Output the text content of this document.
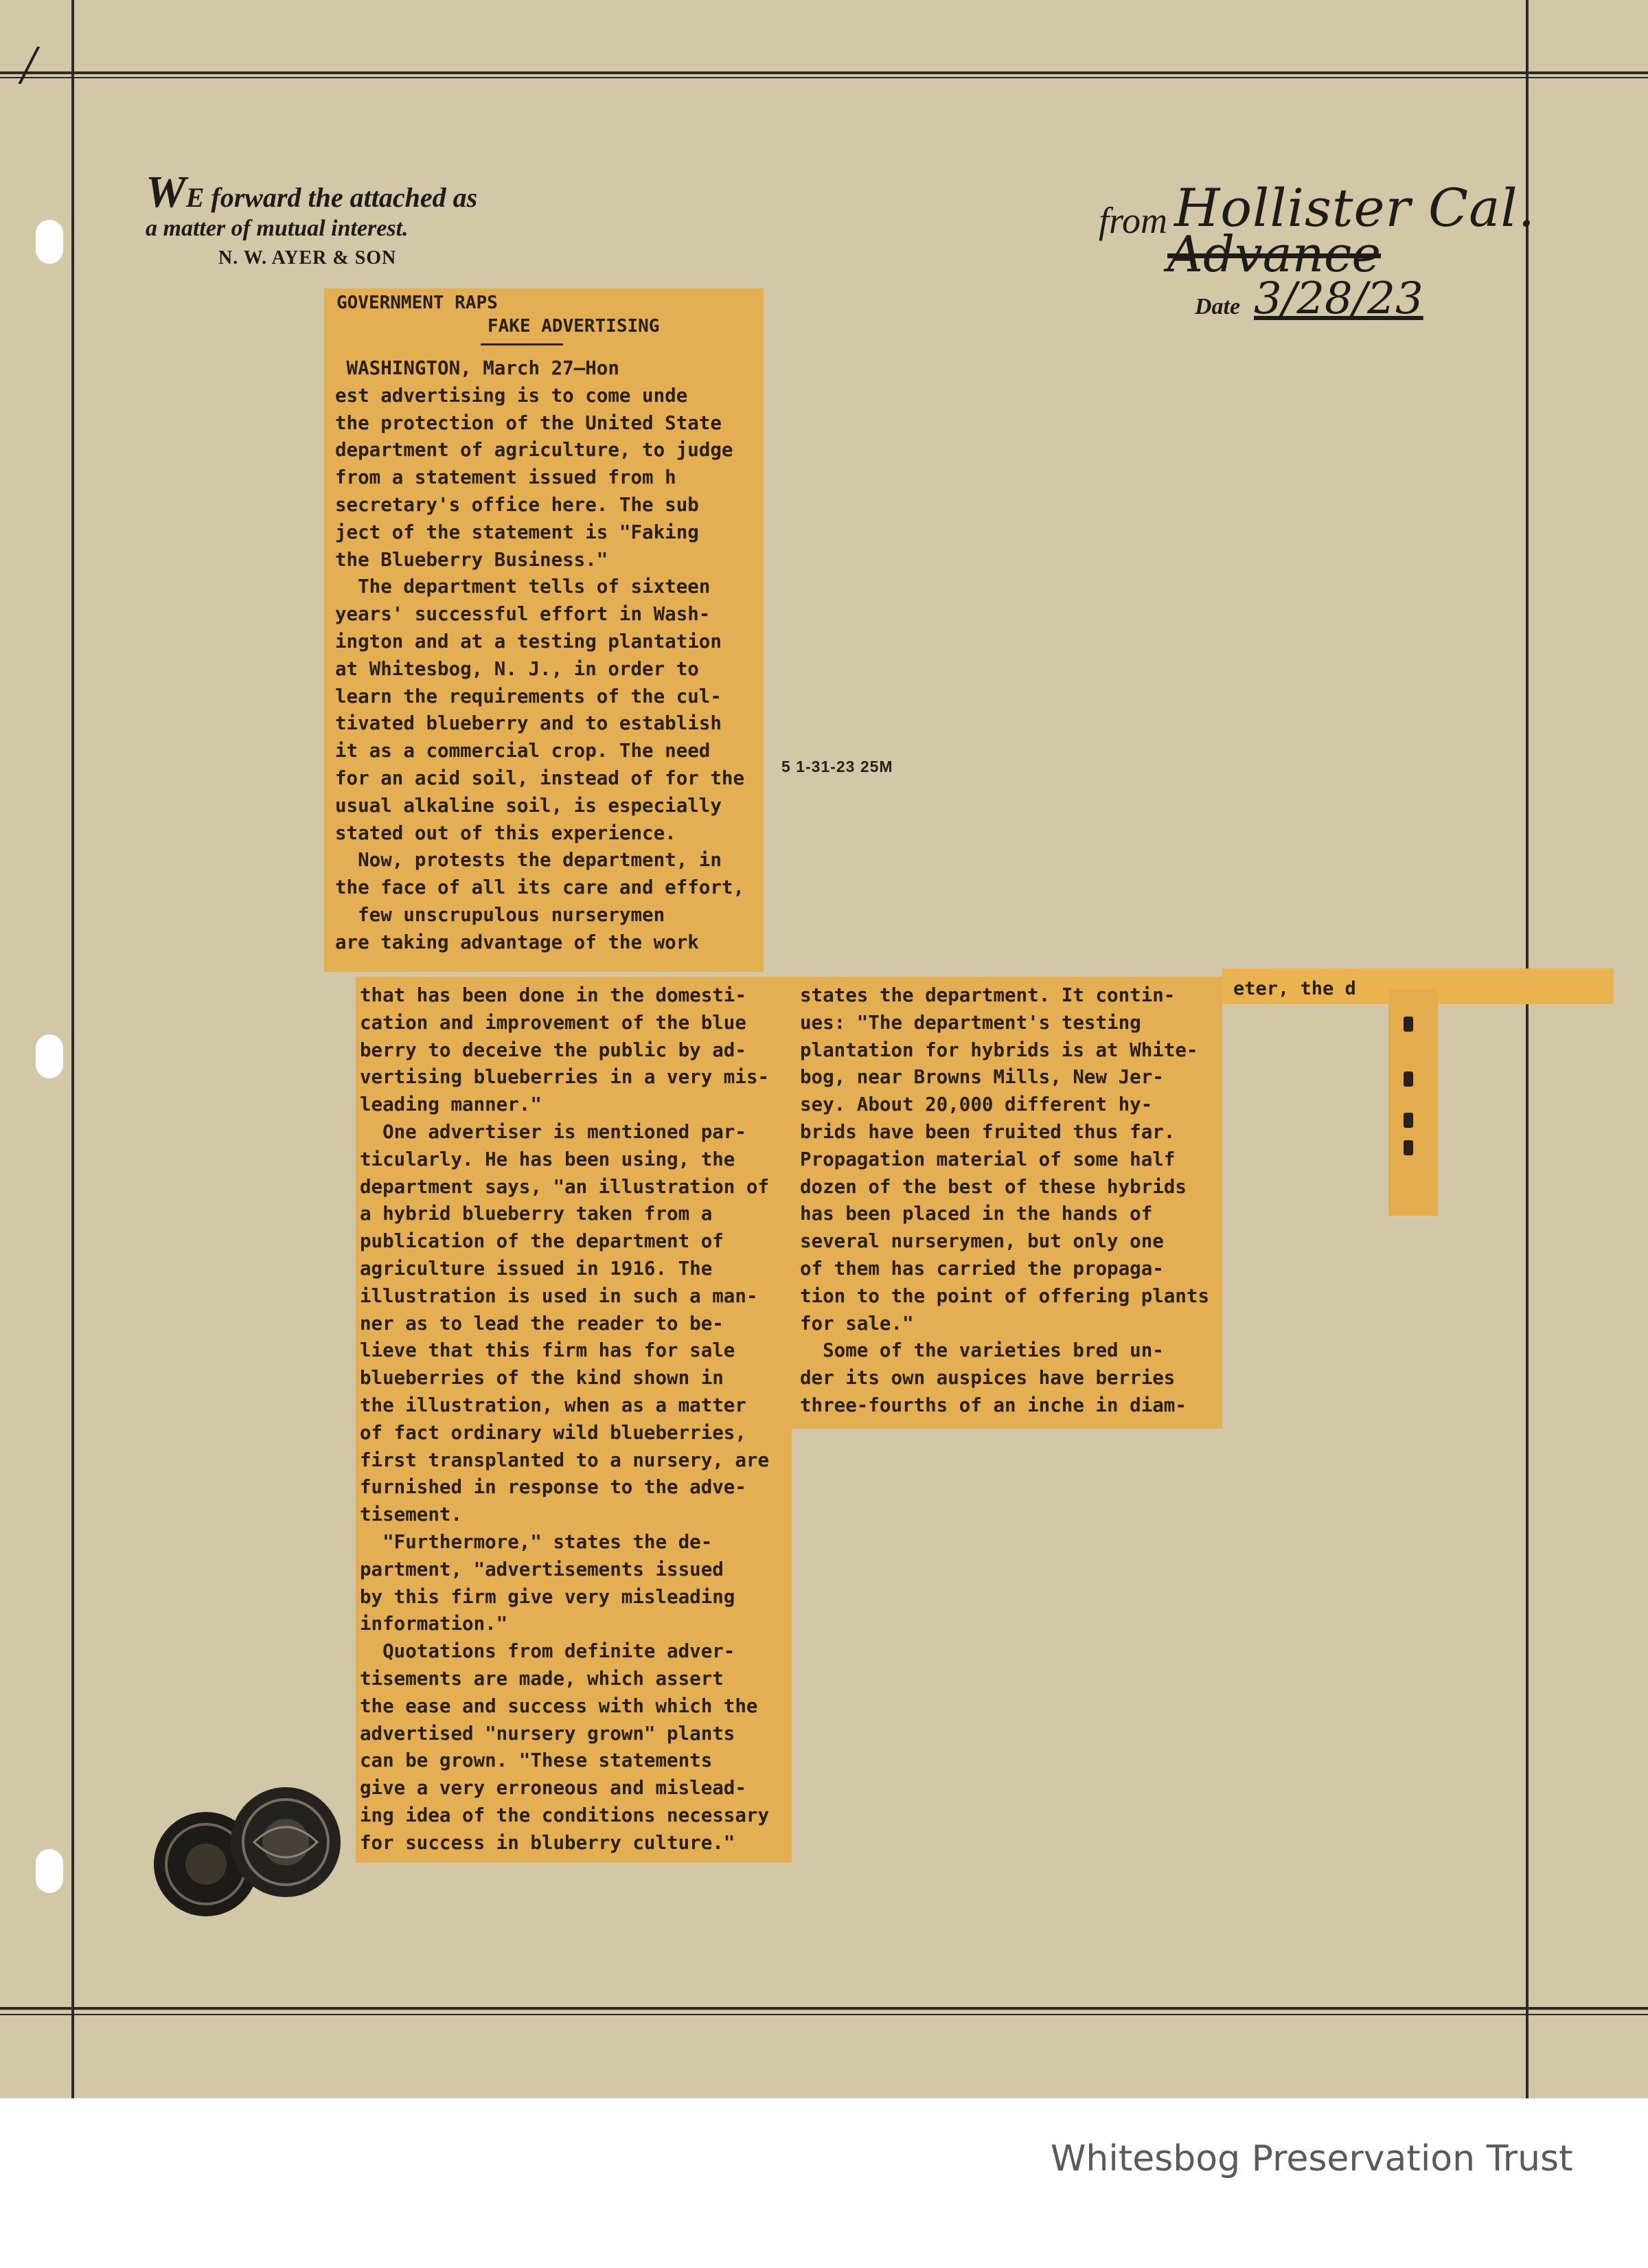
/
WE forward the attached as
a matter of mutual interest.
N. W. AYER & SON
from Hollister Cal.
Advance
Date 3/28/23
GOVERNMENT RAPS
FAKE ADVERTISING
WASHINGTON, March 27—Hon
est advertising is to come unde
the protection of the United State
department of agriculture, to judge
from a statement issued from h
secretary's office here. The sub
ject of the statement is "Faking
the Blueberry Business."
The department tells of sixteen
years' successful effort in Wash-
ington and at a testing plantation
at Whitesbog, N. J., in order to
learn the requirements of the cul-
tivated blueberry and to establish
it as a commercial crop. The need
for an acid soil, instead of for the
usual alkaline soil, is especially
stated out of this experience.
Now, protests the department, in
the face of all its care and effort,
few unscrupulous nurserymen
are taking advantage of the work
5 1-31-23 25M
that has been done in the domesti-
cation and improvement of the blue
berry to deceive the public by ad-
vertising blueberries in a very mis-
leading manner."
One advertiser is mentioned par-
ticularly. He has been using, the
department says, "an illustration of
a hybrid blueberry taken from a
publication of the department of
agriculture issued in 1916. The
illustration is used in such a man-
ner as to lead the reader to be-
lieve that this firm has for sale
blueberries of the kind shown in
the illustration, when as a matter
of fact ordinary wild blueberries,
first transplanted to a nursery, are
furnished in response to the adve-
tisement.
"Furthermore," states the de-
partment, "advertisements issued
by this firm give very misleading
information."
Quotations from definite adver-
tisements are made, which assert
the ease and success with which the
advertised "nursery grown" plants
can be grown. "These statements
give a very erroneous and mislead-
ing idea of the conditions necessary
for success in bluberry culture."
states the department. It contin-
ues: "The department's testing
plantation for hybrids is at White-
bog, near Browns Mills, New Jer-
sey. About 20,000 different hy-
brids have been fruited thus far.
Propagation material of some half
dozen of the best of these hybrids
has been placed in the hands of
several nurserymen, but only one
of them has carried the propaga-
tion to the point of offering plants
for sale."
Some of the varieties bred un-
der its own auspices have berries
three-fourths of an inche in diam-
eter, the d
Whitesbog Preservation Trust
